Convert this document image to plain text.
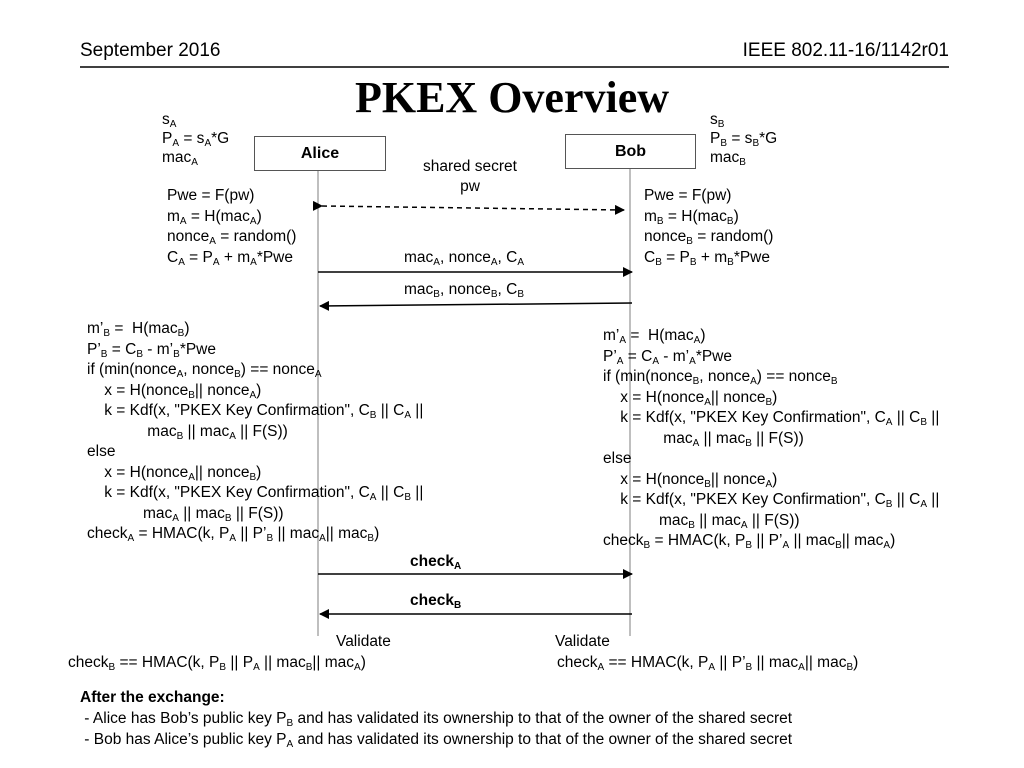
September 2016	IEEE 802.11-16/1142r01
PKEX Overview
$s_A$
$P_A = s_A*G$
mac$_A$
$s_B$
$P_B = s_B*G$
mac$_B$
Alice	Bob
shared secret
pw
Pwe = F(pw)
$m_A = H(mac_A)$
nonce$_A$ = random()
$C_A = P_A + m_A*Pwe$
Pwe = F(pw)
$m_B = H(mac_B)$
nonce$_B$ = random()
$C_B = P_B + m_B*Pwe$
mac$_A$, nonce$_A$, $C_A$
mac$_B$, nonce$_B$, $C_B$
check$_A$
check$_B$
$m’_B = H(mac_B)$
$P’_B = C_B$ - $m’_B*Pwe$
if (min(nonce$_A$, nonce$_B$) == nonce$_A$
x = H(nonce$_B$|| nonce$_A$)
k = Kdf(x, "PKEX Key Confirmation", $C_B$ || $C_A$ ||
mac$_B$ || mac$_A$ || F(S))
else
x = H(nonce$_A$|| nonce$_B$)
k = Kdf(x, "PKEX Key Confirmation", $C_A$ || $C_B$ ||
mac$_A$ || mac$_B$ || F(S))
check$_A$ = HMAC(k, $P_A$ || $P’_B$ || mac$_A$|| mac$_B$)
$m’_A = H(mac_A)$
$P’_A = C_A$ - $m’_A*Pwe$
if (min(nonce$_B$, nonce$_A$) == nonce$_B$
x = H(nonce$_A$|| nonce$_B$)
k = Kdf(x, "PKEX Key Confirmation", $C_A$ || $C_B$ ||
mac$_A$ || mac$_B$ || F(S))
else
x = H(nonce$_B$|| nonce$_A$)
k = Kdf(x, "PKEX Key Confirmation", $C_B$ || $C_A$ ||
mac$_B$ || mac$_A$ || F(S))
check$_B$ = HMAC(k, $P_B$ || $P’_A$ || mac$_B$|| mac$_A$)
Validate
check$_B$ == HMAC(k, $P_B$ || $P_A$ || mac$_B$|| mac$_A$)
Validate
check$_A$ == HMAC(k, $P_A$ || $P’_B$ || mac$_A$|| mac$_B$)
After the exchange:
- Alice has Bob’s public key $P_B$ and has validated its ownership to that of the owner of the shared secret
- Bob has Alice’s public key $P_A$ and has validated its ownership to that of the owner of the shared secret
